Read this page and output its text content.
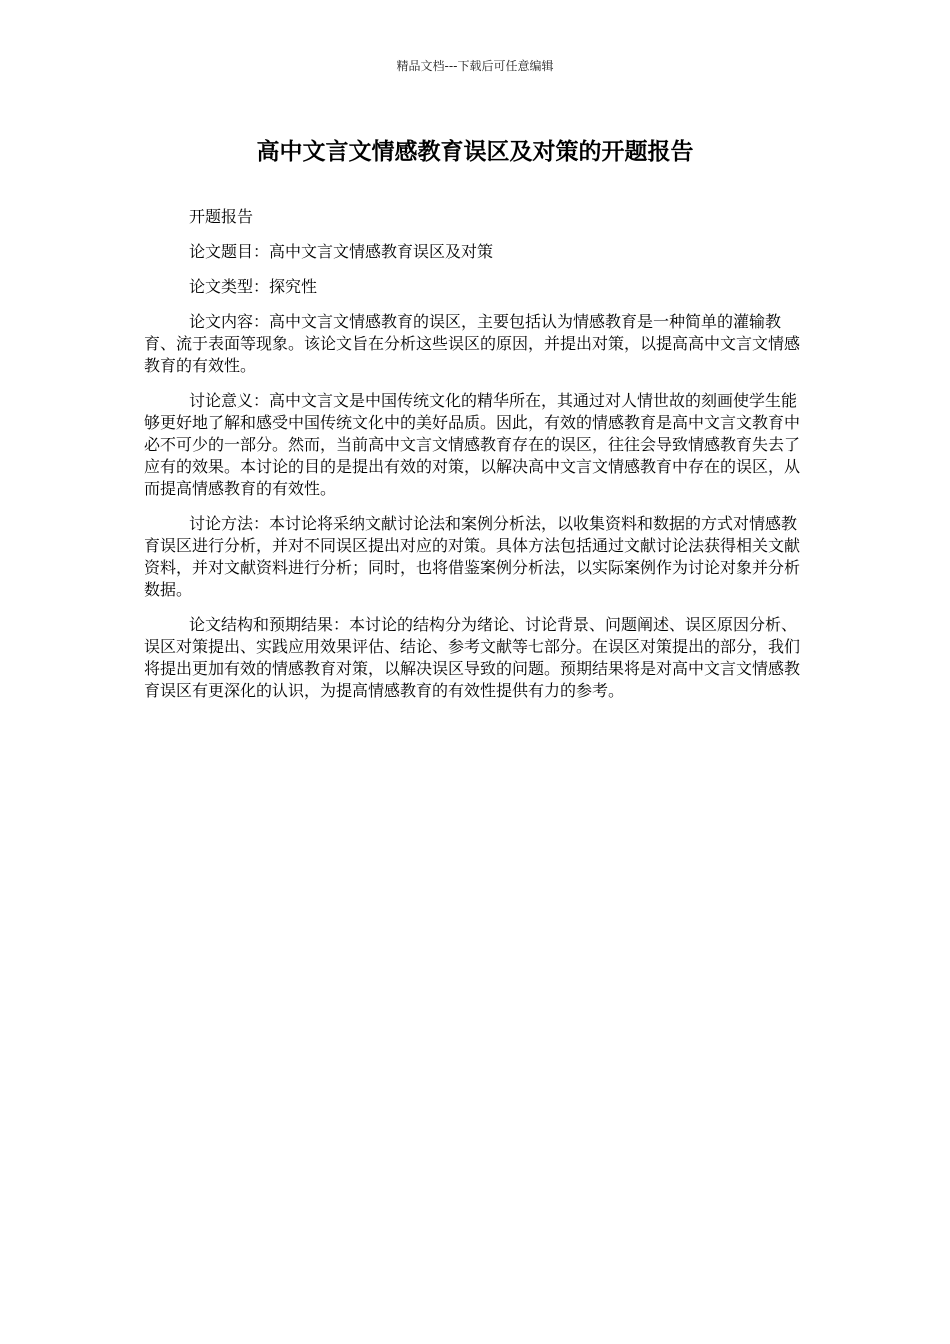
精品文档---下载后可任意编辑
高中文言文情感教育误区及对策的开题报告

开题报告

论文题目：高中文言文情感教育误区及对策

论文类型：探究性

论文内容：高中文言文情感教育的误区，主要包括认为情感教育是一种简单的灌输教育、流于表面等现象。该论文旨在分析这些误区的原因，并提出对策，以提高高中文言文情感教育的有效性。

讨论意义：高中文言文是中国传统文化的精华所在，其通过对人情世故的刻画使学生能够更好地了解和感受中国传统文化中的美好品质。因此，有效的情感教育是高中文言文教育中必不可少的一部分。然而，当前高中文言文情感教育存在的误区，往往会导致情感教育失去了应有的效果。本讨论的目的是提出有效的对策，以解决高中文言文情感教育中存在的误区，从而提高情感教育的有效性。

讨论方法：本讨论将采纳文献讨论法和案例分析法，以收集资料和数据的方式对情感教育误区进行分析，并对不同误区提出对应的对策。具体方法包括通过文献讨论法获得相关文献资料，并对文献资料进行分析；同时，也将借鉴案例分析法，以实际案例作为讨论对象并分析数据。

论文结构和预期结果：本讨论的结构分为绪论、讨论背景、问题阐述、误区原因分析、误区对策提出、实践应用效果评估、结论、参考文献等七部分。在误区对策提出的部分，我们将提出更加有效的情感教育对策，以解决误区导致的问题。预期结果将是对高中文言文情感教育误区有更深化的认识，为提高情感教育的有效性提供有力的参考。
